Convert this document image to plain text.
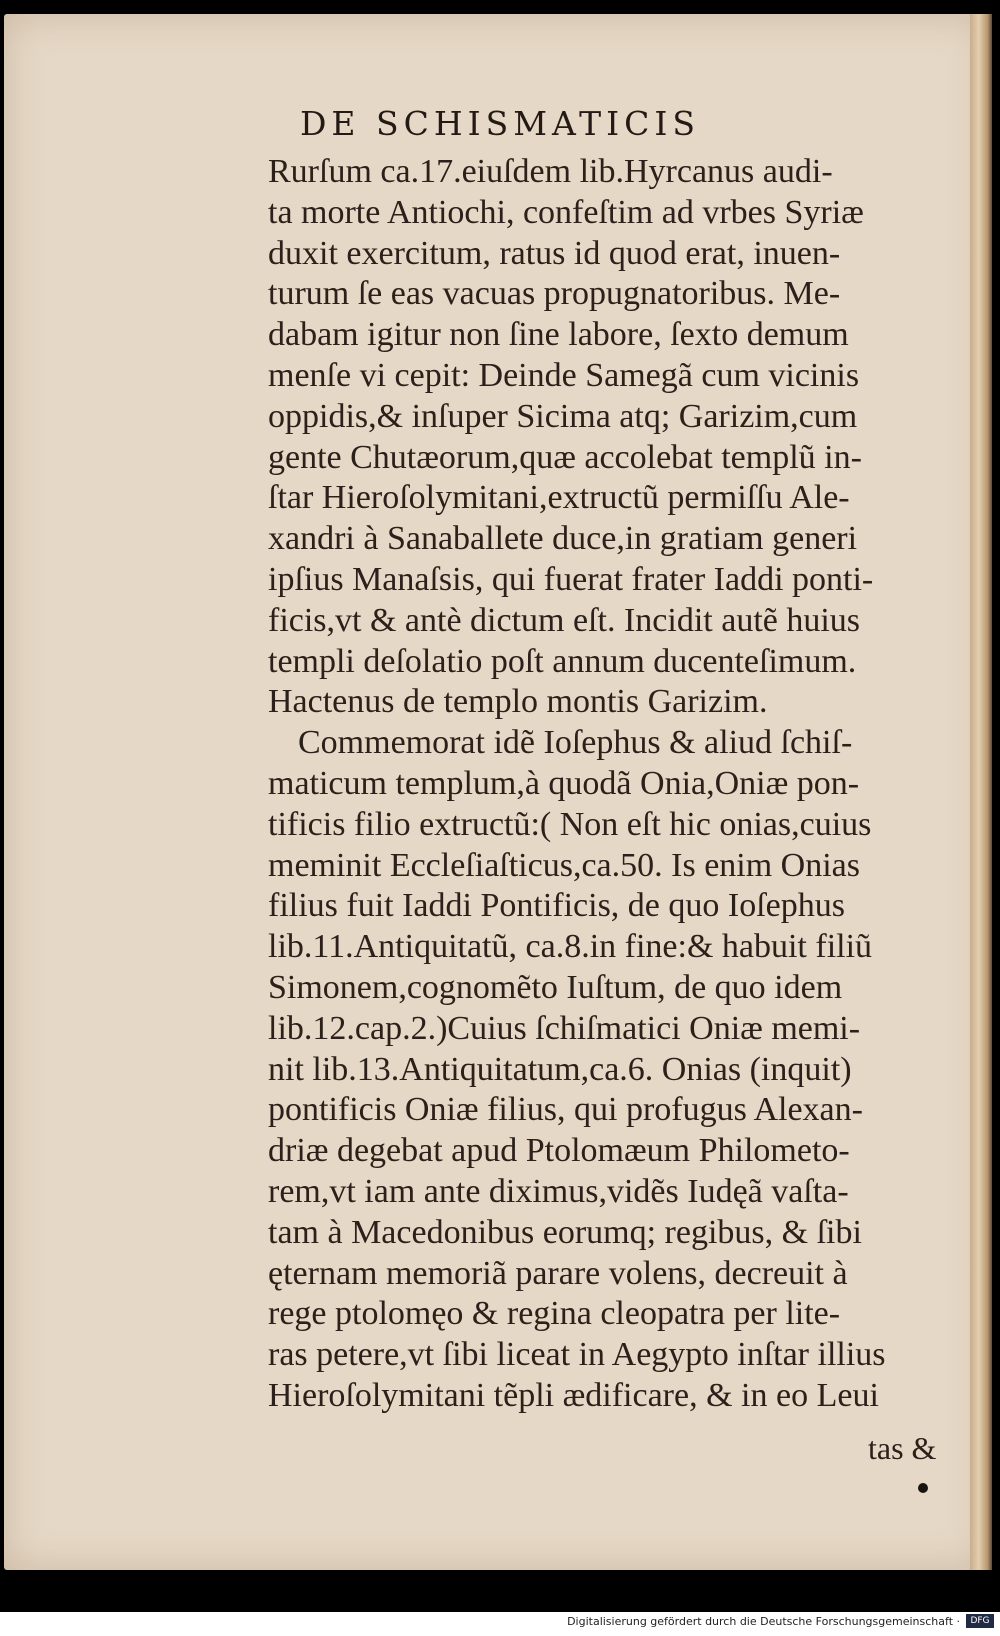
DE SCHISMATICIS
Rurſum ca.17.eiuſdem lib.Hyrcanus audi-
ta morte Antiochi, confeſtim ad vrbes Syriæ
duxit exercitum, ratus id quod erat, inuen-
turum ſe eas vacuas propugnatoribus. Me-
dabam igitur non ſine labore, ſexto demum
menſe vi cepit: Deinde Samegã cum vicinis
oppidis,& inſuper Sicima atq; Garizim,cum
gente Chutæorum,quæ accolebat templũ in-
ſtar Hieroſolymitani,extructũ permiſſu Ale-
xandri à Sanaballete duce,in gratiam generi
ipſius Manaſsis, qui fuerat frater Iaddi ponti-
ficis,vt & antè dictum eſt. Incidit autẽ huius
templi deſolatio poſt annum ducenteſimum.
Hactenus de templo montis Garizim.
Commemorat idẽ Ioſephus & aliud ſchiſ-
maticum templum,à quodã Onia,Oniæ pon-
tificis filio extructũ:( Non eſt hic onias,cuius
meminit Eccleſiaſticus,ca.50. Is enim Onias
filius fuit Iaddi Pontificis, de quo Ioſephus
lib.11.Antiquitatũ, ca.8.in fine:& habuit filiũ
Simonem,cognomẽto Iuſtum, de quo idem
lib.12.cap.2.)Cuius ſchiſmatici Oniæ memi-
nit lib.13.Antiquitatum,ca.6. Onias (inquit)
pontificis Oniæ filius, qui profugus Alexan-
driæ degebat apud Ptolomæum Philometo-
rem,vt iam ante diximus,vidẽs Iudęã vaſta-
tam à Macedonibus eorumq; regibus, & ſibi
ęternam memoriã parare volens, decreuit à
rege ptolomęo & regina cleopatra per lite-
ras petere,vt ſibi liceat in Aegypto inſtar illius
Hieroſolymitani tẽpli ædificare, & in eo Leui
tas &
Digitalisierung gefördert durch die Deutsche Forschungsgemeinschaft ·	DFG
